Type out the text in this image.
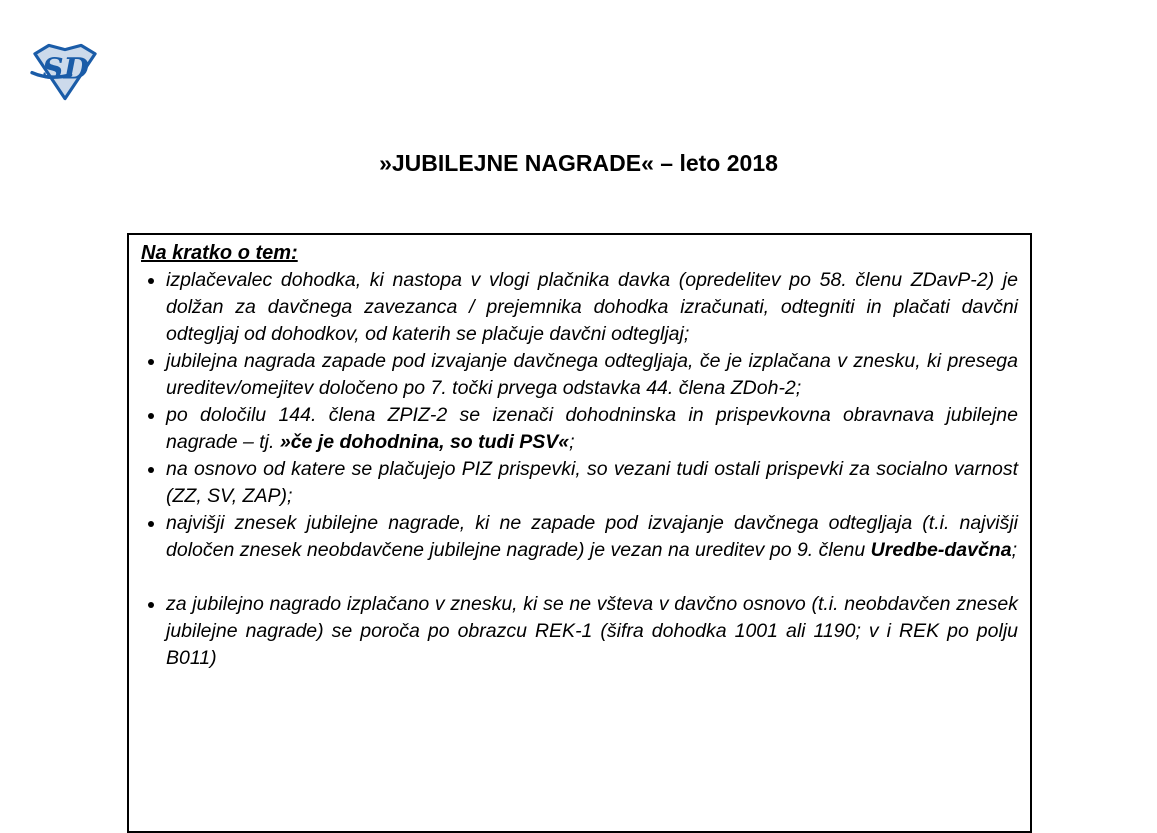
SD
»JUBILEJNE NAGRADE« – leto 2018
Na kratko o tem:
• izplačevalec dohodka, ki nastopa v vlogi plačnika davka (opredelitev po 58. členu ZDavP-2) je dolžan za davčnega zavezanca / prejemnika dohodka izračunati, odtegniti in plačati davčni odtegljaj od dohodkov, od katerih se plačuje davčni odtegljaj;
• jubilejna nagrada zapade pod izvajanje davčnega odtegljaja, če je izplačana v znesku, ki presega ureditev/omejitev določeno po 7. točki prvega odstavka 44. člena ZDoh-2;
• po določilu 144. člena ZPIZ-2 se izenači dohodninska in prispevkovna obravnava jubilejne nagrade – tj. »če je dohodnina, so tudi PSV«;
• na osnovo od katere se plačujejo PIZ prispevki, so vezani tudi ostali prispevki za socialno varnost (ZZ, SV, ZAP);
• najvišji znesek jubilejne nagrade, ki ne zapade pod izvajanje davčnega odtegljaja (t.i. najvišji določen znesek neobdavčene jubilejne nagrade) je vezan na ureditev po 9. členu Uredbe-davčna;
• za jubilejno nagrado izplačano v znesku, ki se ne všteva v davčno osnovo (t.i. neobdavčen znesek jubilejne nagrade) se poroča po obrazcu REK-1 (šifra dohodka 1001 ali 1190; v i REK po polju B011)
